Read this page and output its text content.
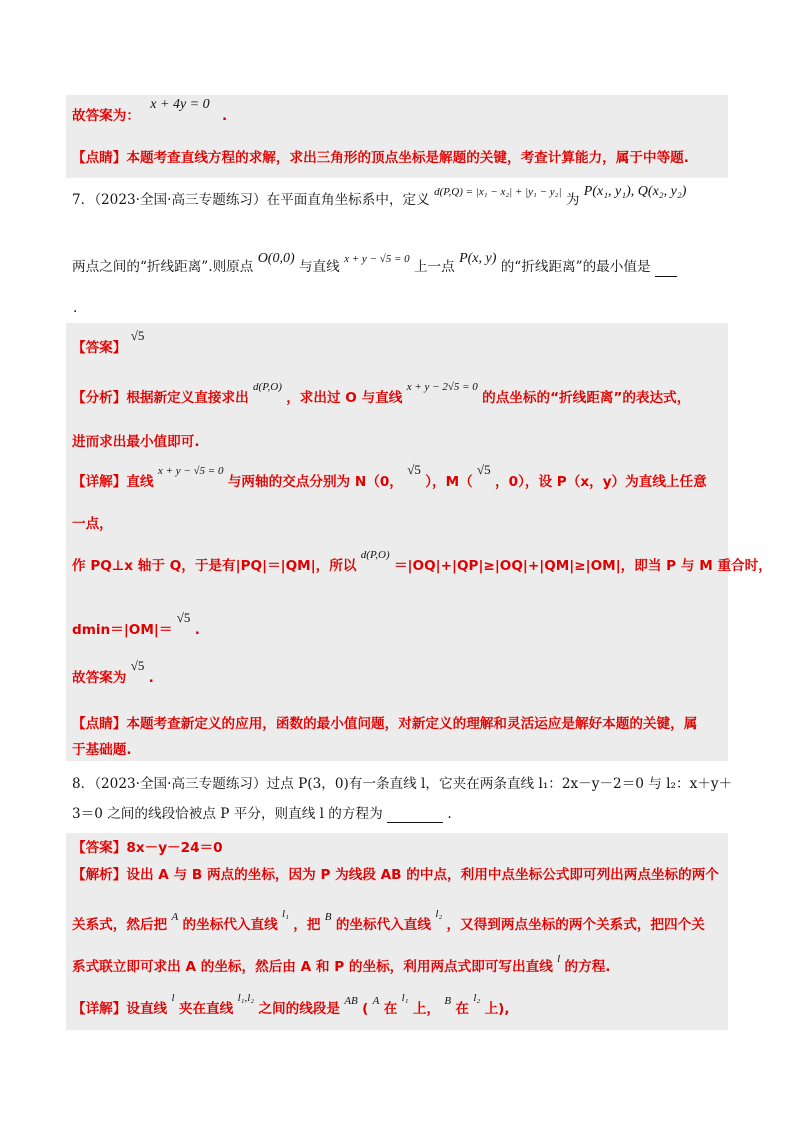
故答案为： x + 4y = 0 .
【点睛】本题考查直线方程的求解，求出三角形的顶点坐标是解题的关键，考查计算能力，属于中等题.
7．（2023·全国·高三专题练习）在平面直角坐标系中，定义 $^{d(P,Q) = |x_1 - x_2| + |y_1 - y_2|}$ 为 P(x₁, y₁), Q(x₂, y₂)
两点之间的“折线距离”.则原点 O(0,0) 与直线 $^{x + y - √5 = 0}$ 上一点 P(x, y) 的“折线距离”的最小值是
.
【答案】 √5
【分析】根据新定义直接求出 $^{d(P,O)}$ ，求出过 O 与直线 $^{x + y - 2√5 = 0}$ 的点坐标的“折线距离”的表达式，
进而求出最小值即可.
【详解】直线 $^{x + y - √5 = 0}$ 与两轴的交点分别为 N（0， √5 ），M（ √5 ，0），设 P（x，y）为直线上任意
一点，
作 PQ⊥x 轴于 Q，于是有|PQ|＝|QM|，所以 $^{d(P,O)}$ ＝|OQ|+|QP|≥|OQ|+|QM|≥|OM|，即当 P 与 M 重合时，
dmin＝|OM|＝ √5 .
故答案为 √5 .
【点睛】本题考查新定义的应用，函数的最小值问题，对新定义的理解和灵活运应是解好本题的关键，属
于基础题.
8．（2023·全国·高三专题练习）过点 P(3，0)有一条直线 l，它夹在两条直线 l₁：2x－y－2＝0 与 l₂：x＋y＋
3＝0 之间的线段恰被点 P 平分，则直线 l 的方程为	.
【答案】8x－y－24＝0
【解析】设出 A 与 B 两点的坐标，因为 P 为线段 AB 的中点，利用中点坐标公式即可列出两点坐标的两个
关系式，然后把 $^A$ 的坐标代入直线 $^{l_1}$ ，把 $^B$ 的坐标代入直线 $^{l_2}$ ，又得到两点坐标的两个关系式，把四个关
系式联立即可求出 A 的坐标，然后由 A 和 P 的坐标，利用两点式即可写出直线 $^l$ 的方程.
【详解】设直线 $^l$ 夹在直线 $^{l_1,l_2}$ 之间的线段是 $^{AB}$ ( $^A$ 在 $^{l_1}$ 上， $^B$ 在 $^{l_2}$ 上),
